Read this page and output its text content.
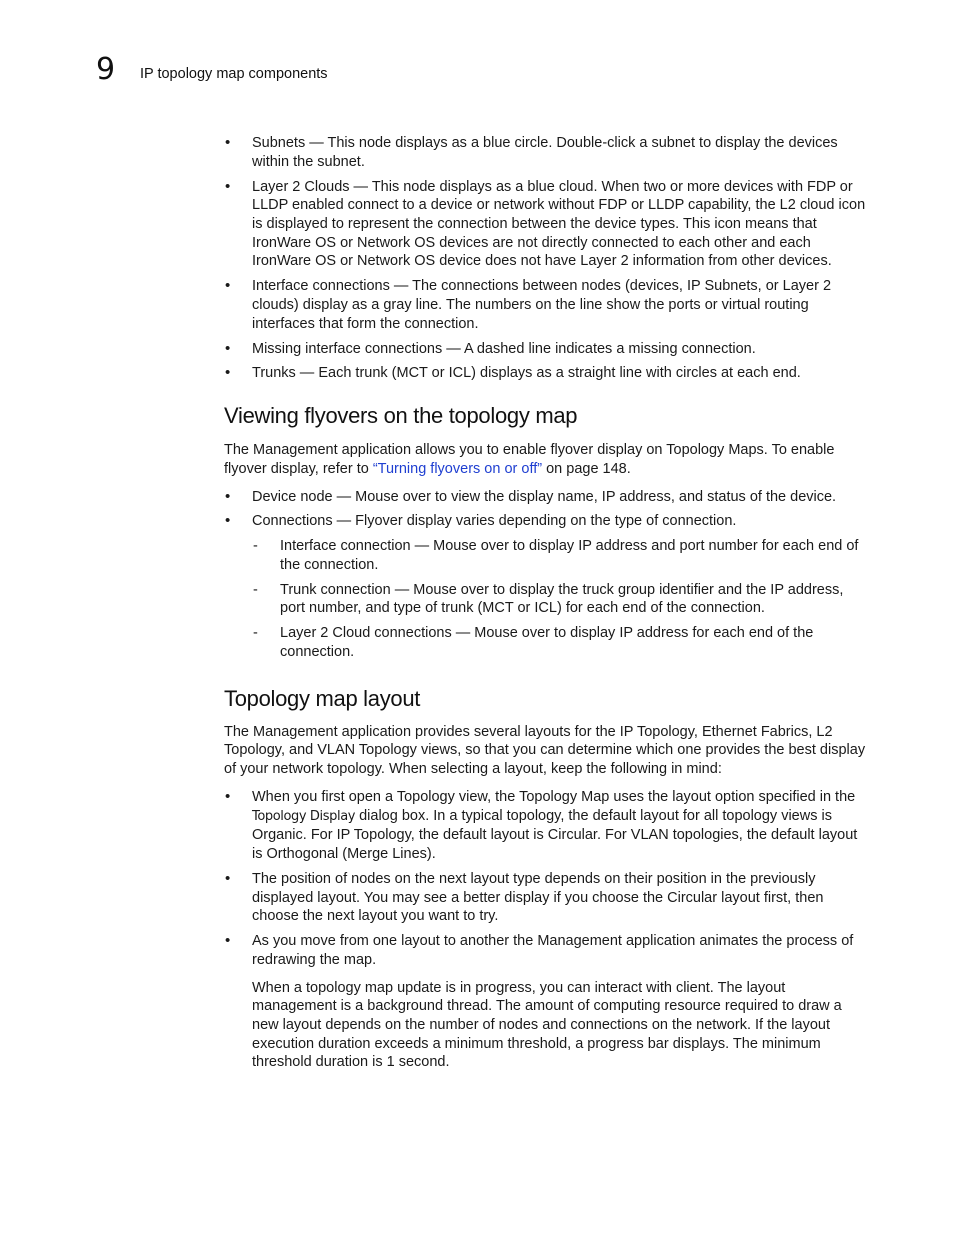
9 IP topology map components
• Subnets — This node displays as a blue circle. Double-click a subnet to display the devices within the subnet.
• Layer 2 Clouds — This node displays as a blue cloud. When two or more devices with FDP or LLDP enabled connect to a device or network without FDP or LLDP capability, the L2 cloud icon is displayed to represent the connection between the device types. This icon means that IronWare OS or Network OS devices are not directly connected to each other and each IronWare OS or Network OS device does not have Layer 2 information from other devices.
• Interface connections — The connections between nodes (devices, IP Subnets, or Layer 2 clouds) display as a gray line. The numbers on the line show the ports or virtual routing interfaces that form the connection.
• Missing interface connections — A dashed line indicates a missing connection.
• Trunks — Each trunk (MCT or ICL) displays as a straight line with circles at each end.
Viewing flyovers on the topology map

The Management application allows you to enable flyover display on Topology Maps. To enable flyover display, refer to “Turning flyovers on or off” on page 148.

• Device node — Mouse over to view the display name, IP address, and status of the device.
• Connections — Flyover display varies depending on the type of connection.
- Interface connection — Mouse over to display IP address and port number for each end of the connection.
- Trunk connection — Mouse over to display the truck group identifier and the IP address, port number, and type of trunk (MCT or ICL) for each end of the connection.
- Layer 2 Cloud connections — Mouse over to display IP address for each end of the connection.
Topology map layout

The Management application provides several layouts for the IP Topology, Ethernet Fabrics, L2 Topology, and VLAN Topology views, so that you can determine which one provides the best display of your network topology. When selecting a layout, keep the following in mind:

• When you first open a Topology view, the Topology Map uses the layout option specified in the Topology Display dialog box. In a typical topology, the default layout for all topology views is Organic. For IP Topology, the default layout is Circular. For VLAN topologies, the default layout is Orthogonal (Merge Lines).
• The position of nodes on the next layout type depends on their position in the previously displayed layout. You may see a better display if you choose the Circular layout first, then choose the next layout you want to try.
• As you move from one layout to another the Management application animates the process of redrawing the map.

When a topology map update is in progress, you can interact with client. The layout management is a background thread. The amount of computing resource required to draw a new layout depends on the number of nodes and connections on the network. If the layout execution duration exceeds a minimum threshold, a progress bar displays. The minimum threshold duration is 1 second.
